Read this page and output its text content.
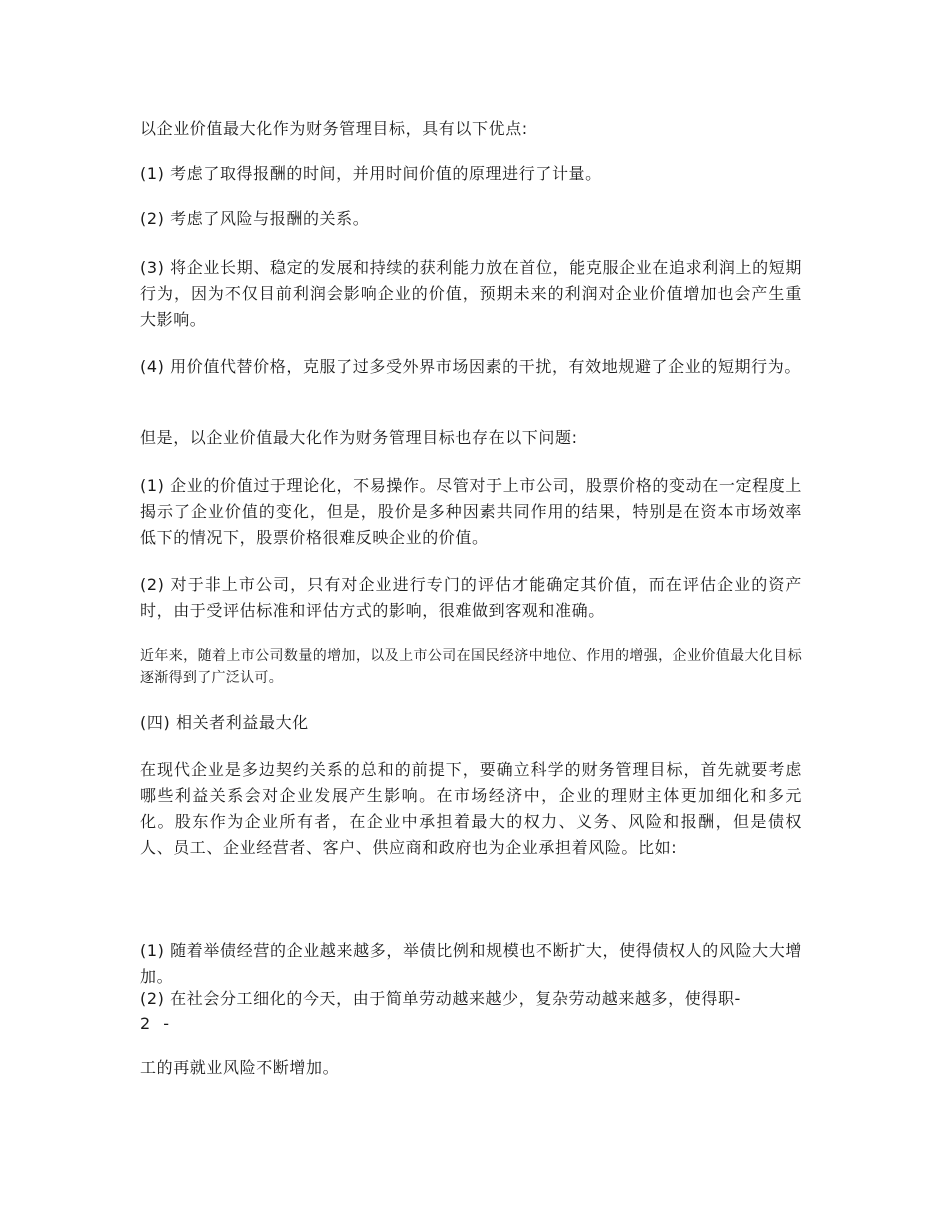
以企业价值最大化作为财务管理目标，具有以下优点:

(1) 考虑了取得报酬的时间，并用时间价值的原理进行了计量。

(2) 考虑了风险与报酬的关系。

(3) 将企业长期、稳定的发展和持续的获利能力放在首位，能克服企业在追求利润上的短期行为，因为不仅目前利润会影响企业的价值，预期未来的利润对企业价值增加也会产生重大影响。

(4) 用价值代替价格，克服了过多受外界市场因素的干扰，有效地规避了企业的短期行为。

但是，以企业价值最大化作为财务管理目标也存在以下问题:

(1) 企业的价值过于理论化，不易操作。尽管对于上市公司，股票价格的变动在一定程度上揭示了企业价值的变化，但是，股价是多种因素共同作用的结果，特别是在资本市场效率低下的情况下，股票价格很难反映企业的价值。

(2) 对于非上市公司，只有对企业进行专门的评估才能确定其价值，而在评估企业的资产时，由于受评估标准和评估方式的影响，很难做到客观和准确。

近年来，随着上市公司数量的增加，以及上市公司在国民经济中地位、作用的增强，企业价值最大化目标逐渐得到了广泛认可。

(四) 相关者利益最大化

在现代企业是多边契约关系的总和的前提下，要确立科学的财务管理目标，首先就要考虑哪些利益关系会对企业发展产生影响。在市场经济中，企业的理财主体更加细化和多元化。股东作为企业所有者，在企业中承担着最大的权力、义务、风险和报酬，但是债权人、员工、企业经营者、客户、供应商和政府也为企业承担着风险。比如:

(1) 随着举债经营的企业越来越多，举债比例和规模也不断扩大，使得债权人的风险大大增加。

(2) 在社会分工细化的今天，由于简单劳动越来越少，复杂劳动越来越多，使得职-

2 -

工的再就业风险不断增加。
